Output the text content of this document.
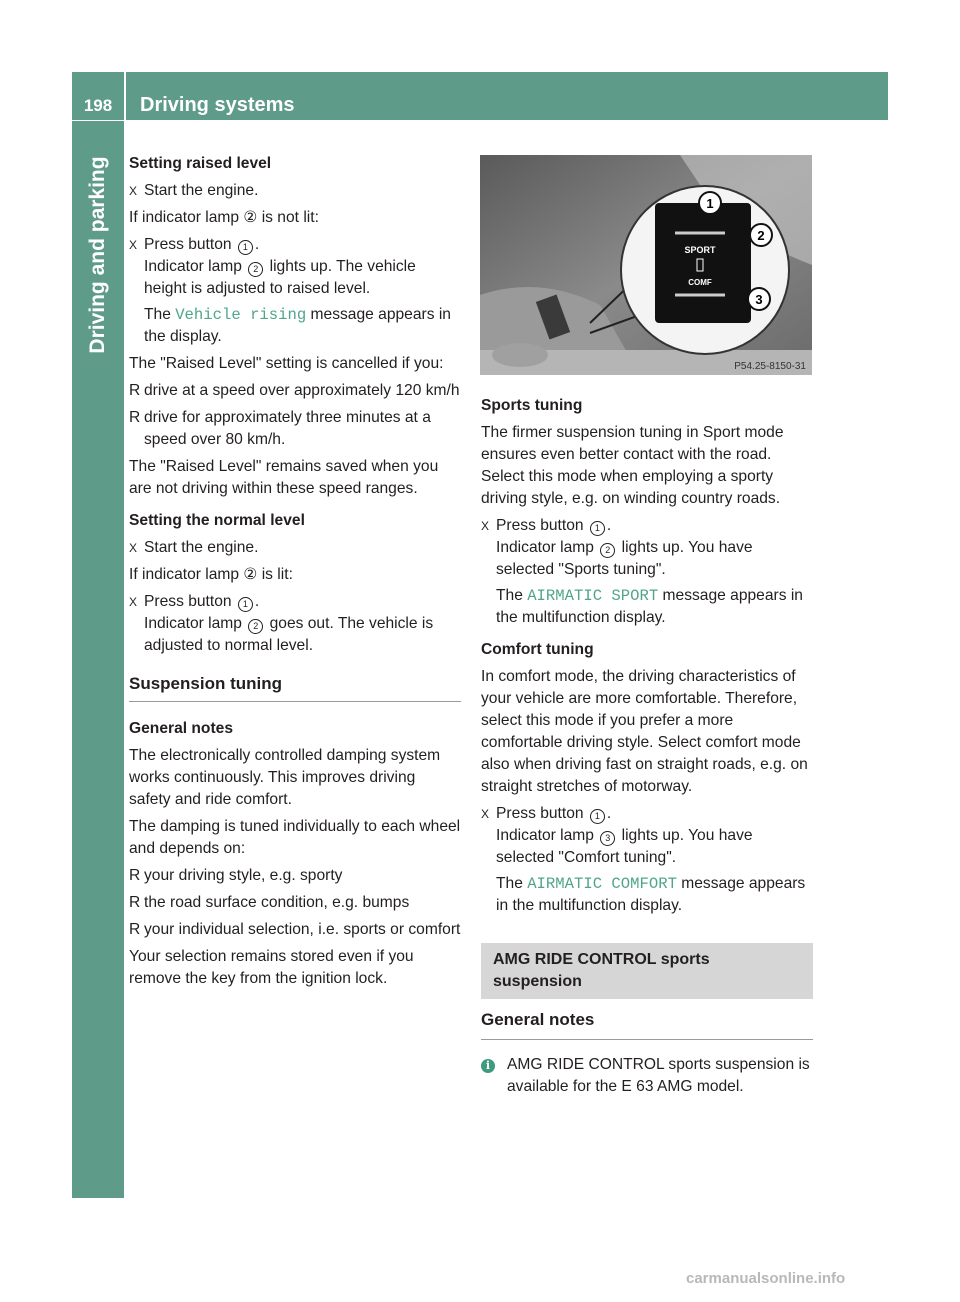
198	Driving systems
Driving and parking Setting raised level

X Start the engine.

If indicator lamp ② is not lit:

X Press button 1 .
Indicator lamp 2 lights up. The vehicle height is adjusted to raised level.
The Vehicle rising message appears in the display.

The "Raised Level" setting is cancelled if you:

R drive at a speed over approximately 120 km/h
R drive for approximately three minutes at a speed over 80 km/h.

The "Raised Level" remains saved when you are not driving within these speed ranges.

Setting the normal level

X Start the engine.

If indicator lamp ② is lit:

X Press button 1 .
Indicator lamp 2 goes out. The vehicle is adjusted to normal level.
Suspension tuning

General notes

The electronically controlled damping system works continuously. This improves driving safety and ride comfort.

The damping is tuned individually to each wheel and depends on:

R your driving style, e.g. sporty
R the road surface condition, e.g. bumps
R your individual selection, i.e. sports or comfort

Your selection remains stored even if you remove the key from the ignition lock.

SPORT
COMF
1
2
3
P54.25-8150-31

Sports tuning

The firmer suspension tuning in Sport mode ensures even better contact with the road. Select this mode when employing a sporty driving style, e.g. on winding country roads.

X Press button 1 .
Indicator lamp 2 lights up. You have selected "Sports tuning".
The AIRMATIC SPORT message appears in the multifunction display.

Comfort tuning

In comfort mode, the driving characteristics of your vehicle are more comfortable. Therefore, select this mode if you prefer a more comfortable driving style. Select comfort mode also when driving fast on straight roads, e.g. on straight stretches of motorway.

X Press button 1 .
Indicator lamp 3 lights up. You have selected "Comfort tuning".
The AIRMATIC COMFORT message appears in the multifunction display.
AMG RIDE CONTROL sports suspension
General notes
i	AMG RIDE CONTROL sports suspension is available for the E 63 AMG model.
carmanualsonline.info
